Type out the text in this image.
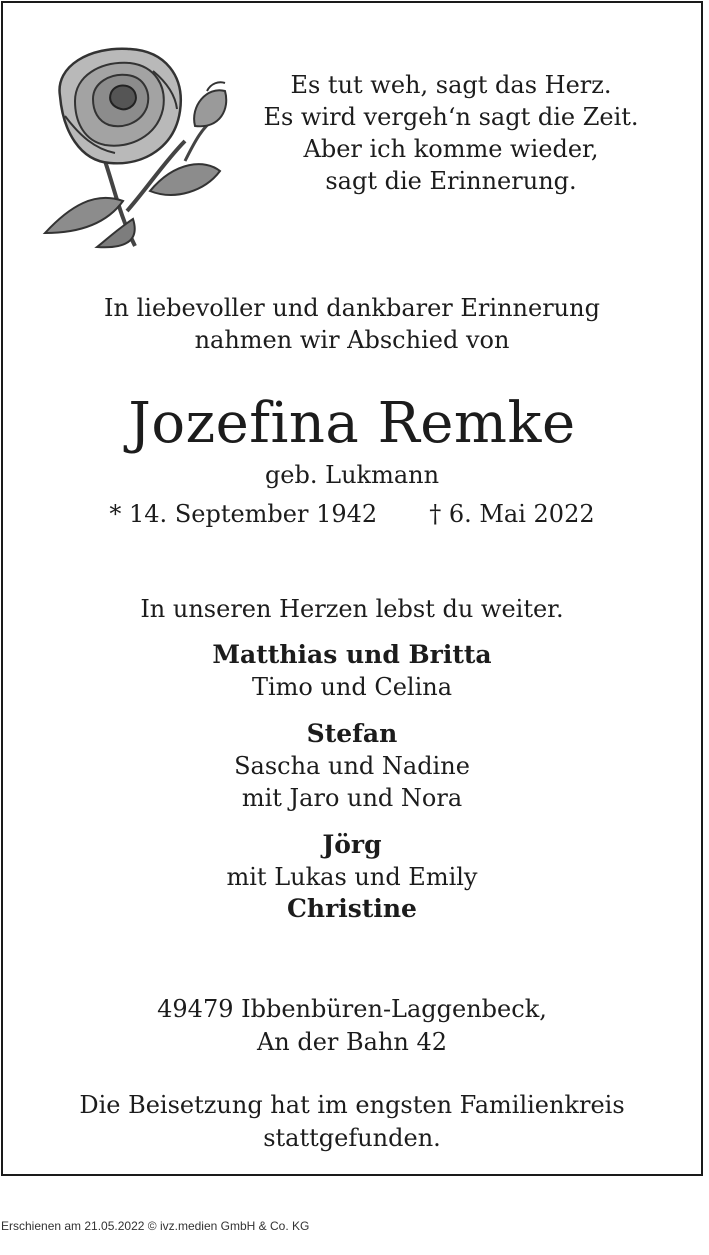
Es tut weh, sagt das Herz.
Es wird vergeh‘n sagt die Zeit.
Aber ich komme wieder,
sagt die Erinnerung.
In liebevoller und dankbarer Erinnerung
nahmen wir Abschied von
Jozefina Remke
geb. Lukmann
* 14. September 1942 † 6. Mai 2022
In unseren Herzen lebst du weiter.
Matthias und Britta
Timo und Celina
Stefan
Sascha und Nadine
mit Jaro und Nora
Jörg
mit Lukas und Emily
Christine
49479 Ibbenbüren-Laggenbeck,
An der Bahn 42
Die Beisetzung hat im engsten Familienkreis
stattgefunden.
Erschienen am 21.05.2022 © ivz.medien GmbH & Co. KG
